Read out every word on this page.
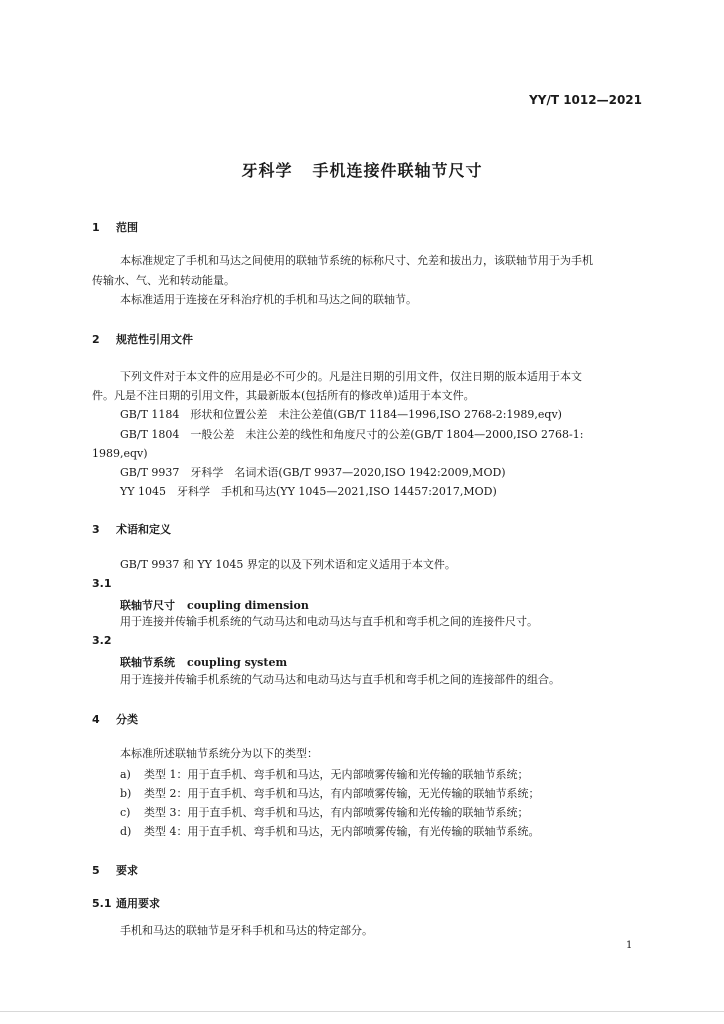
YY/T 1012—2021
牙科学 手机连接件联轴节尺寸
1 范围
本标准规定了手机和马达之间使用的联轴节系统的标称尺寸、允差和拔出力，该联轴节用于为手机
传输水、气、光和转动能量。
本标准适用于连接在牙科治疗机的手机和马达之间的联轴节。
2 规范性引用文件
下列文件对于本文件的应用是必不可少的。凡是注日期的引用文件，仅注日期的版本适用于本文
件。凡是不注日期的引用文件，其最新版本(包括所有的修改单)适用于本文件。
GB/T 1184　形状和位置公差　未注公差值(GB/T 1184—1996,ISO 2768-2:1989,eqv)
GB/T 1804　一般公差　未注公差的线性和角度尺寸的公差(GB/T 1804—2000,ISO 2768-1:
1989,eqv)
GB/T 9937　牙科学　名词术语(GB/T 9937—2020,ISO 1942:2009,MOD)
YY 1045　牙科学　手机和马达(YY 1045—2021,ISO 14457:2017,MOD)
3 术语和定义
GB/T 9937 和 YY 1045 界定的以及下列术语和定义适用于本文件。
3.1
联轴节尺寸 coupling dimension
用于连接并传输手机系统的气动马达和电动马达与直手机和弯手机之间的连接件尺寸。
3.2
联轴节系统 coupling system
用于连接并传输手机系统的气动马达和电动马达与直手机和弯手机之间的连接部件的组合。
4 分类
本标准所述联轴节系统分为以下的类型：
a) 类型 1：用于直手机、弯手机和马达，无内部喷雾传输和光传输的联轴节系统；
b) 类型 2：用于直手机、弯手机和马达，有内部喷雾传输，无光传输的联轴节系统；
c) 类型 3：用于直手机、弯手机和马达，有内部喷雾传输和光传输的联轴节系统；
d) 类型 4：用于直手机、弯手机和马达，无内部喷雾传输，有光传输的联轴节系统。
5 要求
5.1 通用要求
手机和马达的联轴节是牙科手机和马达的特定部分。
1
